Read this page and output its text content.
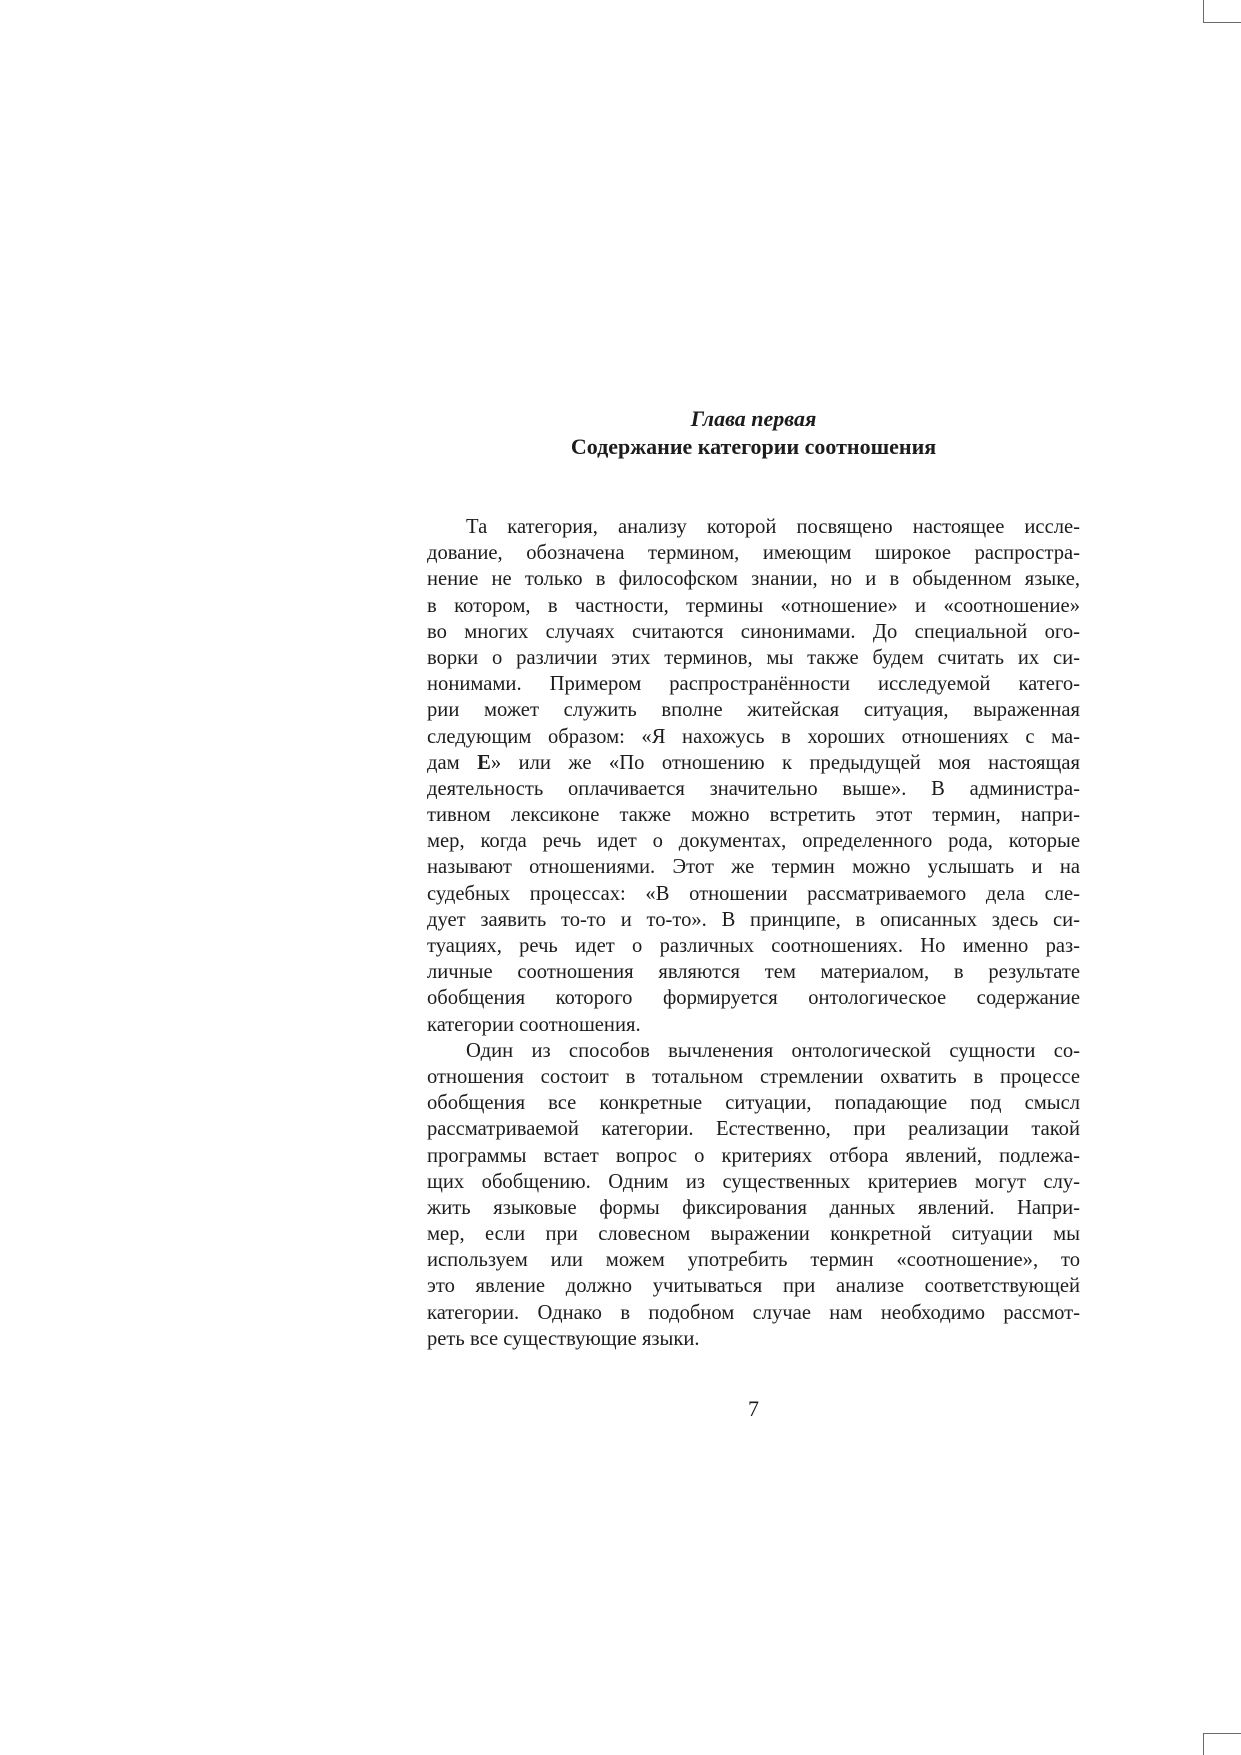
Глава первая
Содержание категории соотношения
Та категория, анализу которой посвящено настоящее иссле-
дование, обозначена термином, имеющим широкое распростра-
нение не только в философском знании, но и в обыденном языке,
в котором, в частности, термины «отношение» и «соотношение»
во многих случаях считаются синонимами. До специальной ого-
ворки о различии этих терминов, мы также будем считать их си-
нонимами. Примером распространённости исследуемой катего-
рии может служить вполне житейская ситуация, выраженная
следующим образом: «Я нахожусь в хороших отношениях с ма-
дам Е» или же «По отношению к предыдущей моя настоящая
деятельность оплачивается значительно выше». В администра-
тивном лексиконе также можно встретить этот термин, напри-
мер, когда речь идет о документах, определенного рода, которые
называют отношениями. Этот же термин можно услышать и на
судебных процессах: «В отношении рассматриваемого дела сле-
дует заявить то-то и то-то». В принципе, в описанных здесь си-
туациях, речь идет о различных соотношениях. Но именно раз-
личные соотношения являются тем материалом, в результате
обобщения которого формируется онтологическое содержание
категории соотношения.
Один из способов вычленения онтологической сущности со-
отношения состоит в тотальном стремлении охватить в процессе
обобщения все конкретные ситуации, попадающие под смысл
рассматриваемой категории. Естественно, при реализации такой
программы встает вопрос о критериях отбора явлений, подлежа-
щих обобщению. Одним из существенных критериев могут слу-
жить языковые формы фиксирования данных явлений. Напри-
мер, если при словесном выражении конкретной ситуации мы
используем или можем употребить термин «соотношение», то
это явление должно учитываться при анализе соответствующей
категории. Однако в подобном случае нам необходимо рассмот-
реть все существующие языки.
7
